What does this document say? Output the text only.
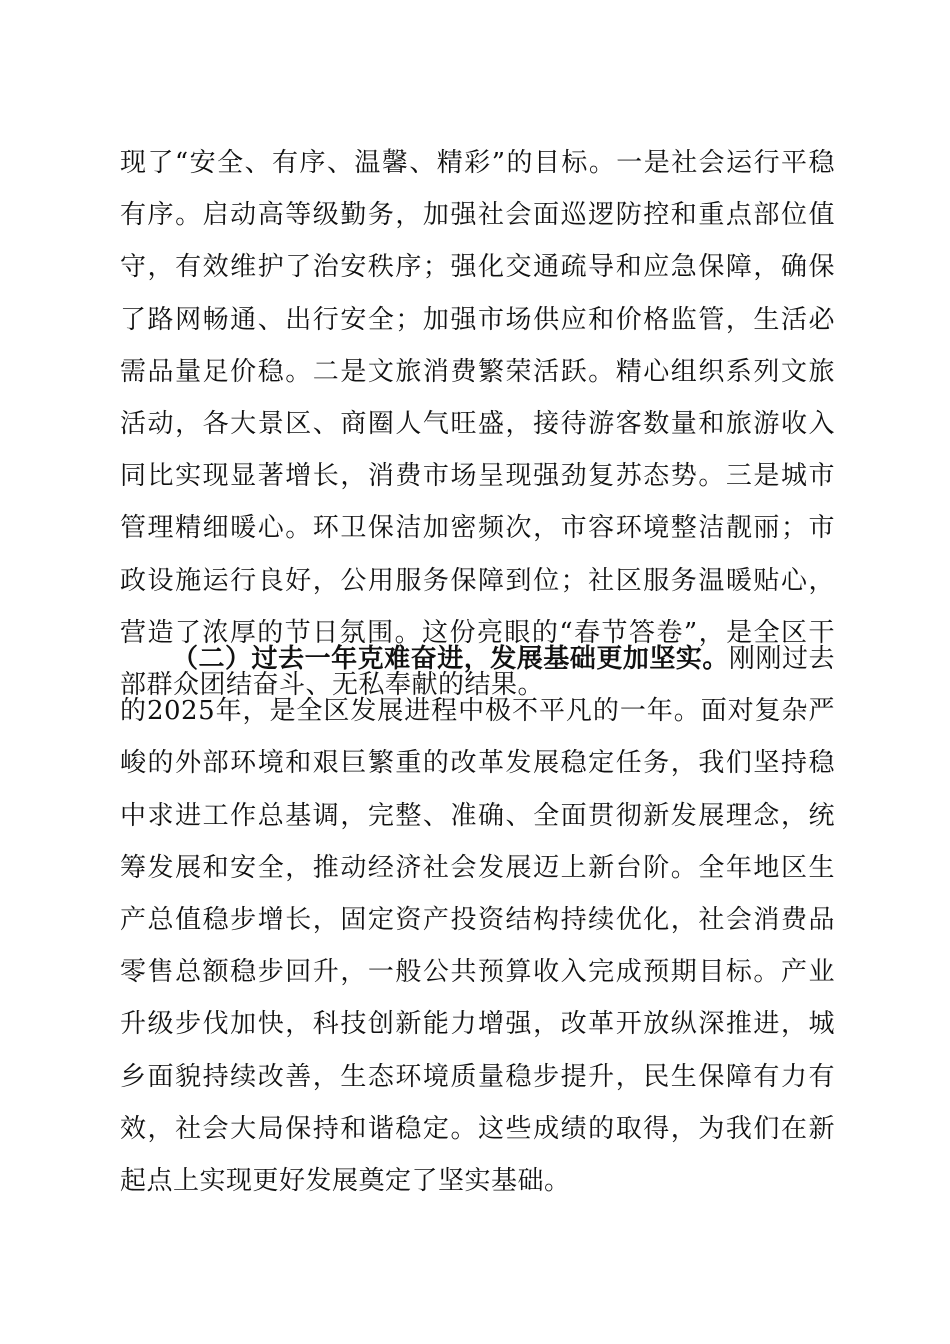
现了“安全、有序、温馨、精彩”的目标。一是社会运行平稳有序。启动高等级勤务，加强社会面巡逻防控和重点部位值守，有效维护了治安秩序；强化交通疏导和应急保障，确保了路网畅通、出行安全；加强市场供应和价格监管，生活必需品量足价稳。二是文旅消费繁荣活跃。精心组织系列文旅活动，各大景区、商圈人气旺盛，接待游客数量和旅游收入同比实现显著增长，消费市场呈现强劲复苏态势。三是城市管理精细暖心。环卫保洁加密频次，市容环境整洁靓丽；市政设施运行良好，公用服务保障到位；社区服务温暖贴心，营造了浓厚的节日氛围。这份亮眼的“春节答卷”，是全区干部群众团结奋斗、无私奉献的结果。

（二）过去一年克难奋进，发展基础更加坚实。刚刚过去的2025年，是全区发展进程中极不平凡的一年。面对复杂严峻的外部环境和艰巨繁重的改革发展稳定任务，我们坚持稳中求进工作总基调，完整、准确、全面贯彻新发展理念，统筹发展和安全，推动经济社会发展迈上新台阶。全年地区生产总值稳步增长，固定资产投资结构持续优化，社会消费品零售总额稳步回升，一般公共预算收入完成预期目标。产业升级步伐加快，科技创新能力增强，改革开放纵深推进，城乡面貌持续改善，生态环境质量稳步提升，民生保障有力有效，社会大局保持和谐稳定。这些成绩的取得，为我们在新起点上实现更好发展奠定了坚实基础。
